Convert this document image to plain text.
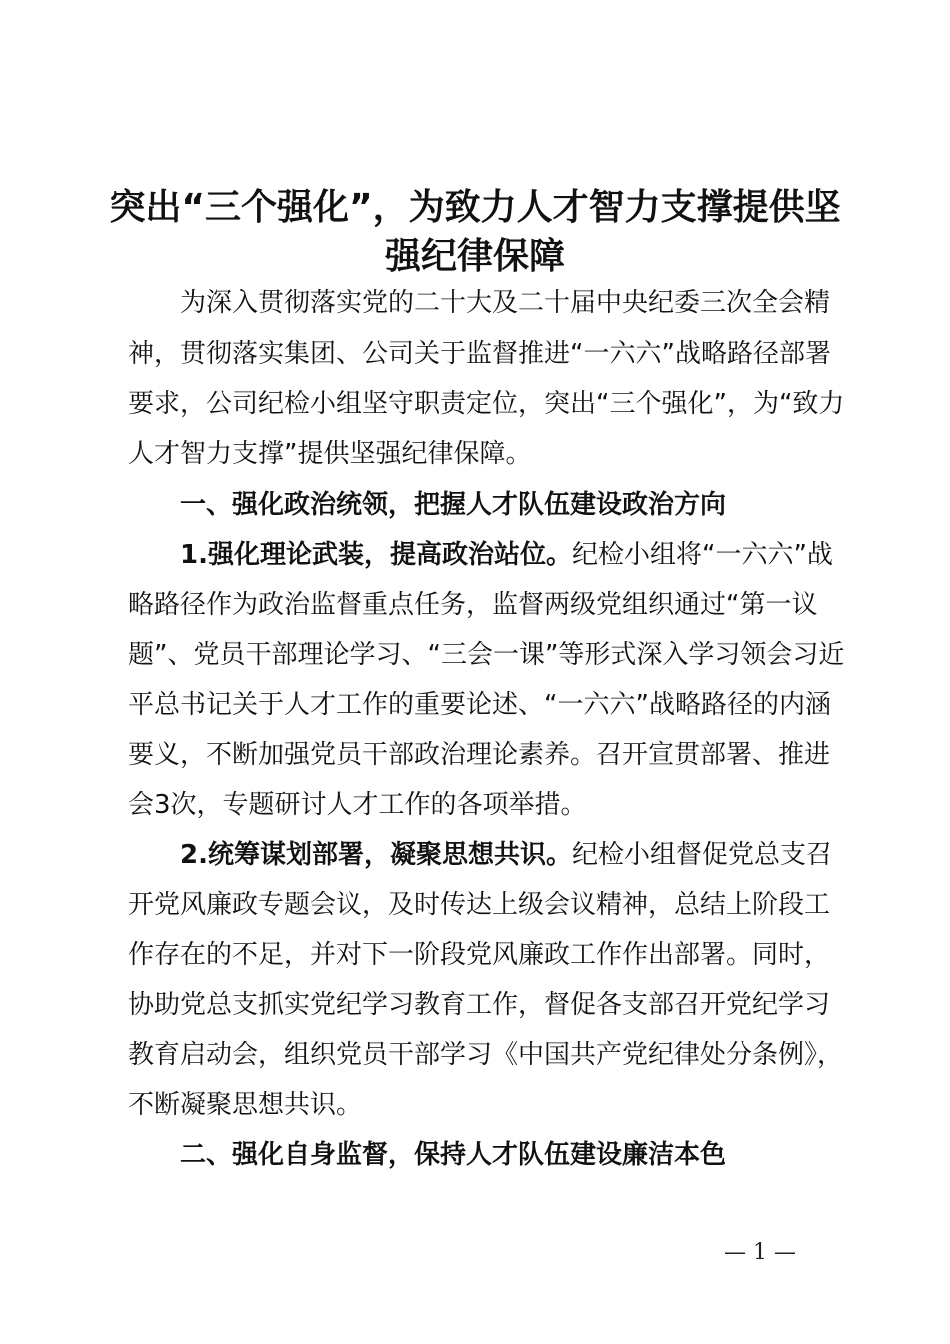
突出“三个强化”，为致力人才智力支撑提供坚
强纪律保障

为深入贯彻落实党的二十大及二十届中央纪委三次全会精

神，贯彻落实集团、公司关于监督推进“一六六”战略路径部署

要求，公司纪检小组坚守职责定位，突出“三个强化”，为“致力

人才智力支撑”提供坚强纪律保障。

一、强化政治统领，把握人才队伍建设政治方向

1.强化理论武装，提高政治站位。纪检小组将“一六六”战

略路径作为政治监督重点任务，监督两级党组织通过“第一议

题”、党员干部理论学习、“三会一课”等形式深入学习领会习近

平总书记关于人才工作的重要论述、“一六六”战略路径的内涵

要义，不断加强党员干部政治理论素养。召开宣贯部署、推进

会3次，专题研讨人才工作的各项举措。

2.统筹谋划部署，凝聚思想共识。纪检小组督促党总支召

开党风廉政专题会议，及时传达上级会议精神，总结上阶段工

作存在的不足，并对下一阶段党风廉政工作作出部署。同时，

协助党总支抓实党纪学习教育工作，督促各支部召开党纪学习

教育启动会，组织党员干部学习《中国共产党纪律处分条例》，

不断凝聚思想共识。

二、强化自身监督，保持人才队伍建设廉洁本色

— 1 —
